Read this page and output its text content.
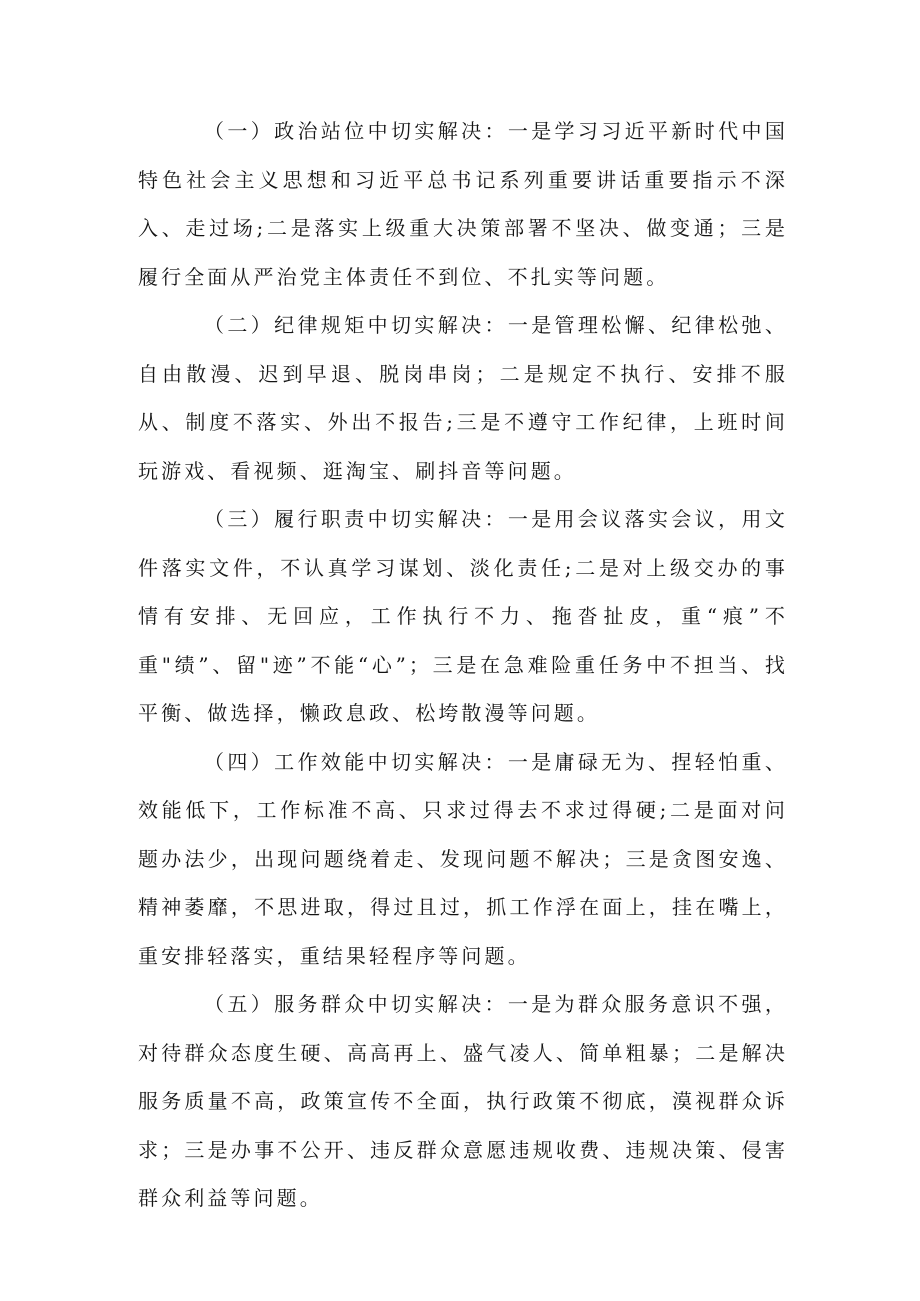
（一）政治站位中切实解决：一是学习习近平新时代中国特色社会主义思想和习近平总书记系列重要讲话重要指示不深入、走过场;二是落实上级重大决策部署不坚决、做变通；三是履行全面从严治党主体责任不到位、不扎实等问题。

（二）纪律规矩中切实解决：一是管理松懈、纪律松弛、自由散漫、迟到早退、脱岗串岗；二是规定不执行、安排不服从、制度不落实、外出不报告;三是不遵守工作纪律，上班时间玩游戏、看视频、逛淘宝、刷抖音等问题。

（三）履行职责中切实解决：一是用会议落实会议，用文件落实文件，不认真学习谋划、淡化责任;二是对上级交办的事情有安排、无回应，工作执行不力、拖沓扯皮，重“痕”不重"绩”、留"迹”不能“心”；三是在急难险重任务中不担当、找平衡、做选择，懒政息政、松垮散漫等问题。

（四）工作效能中切实解决：一是庸碌无为、捏轻怕重、效能低下，工作标准不高、只求过得去不求过得硬;二是面对问题办法少，出现问题绕着走、发现问题不解决；三是贪图安逸、精神萎靡，不思进取，得过且过，抓工作浮在面上，挂在嘴上，重安排轻落实，重结果轻程序等问题。

（五）服务群众中切实解决：一是为群众服务意识不强，对待群众态度生硬、高高再上、盛气凌人、简单粗暴；二是解决服务质量不高，政策宣传不全面，执行政策不彻底，漠视群众诉求；三是办事不公开、违反群众意愿违规收费、违规决策、侵害群众利益等问题。
